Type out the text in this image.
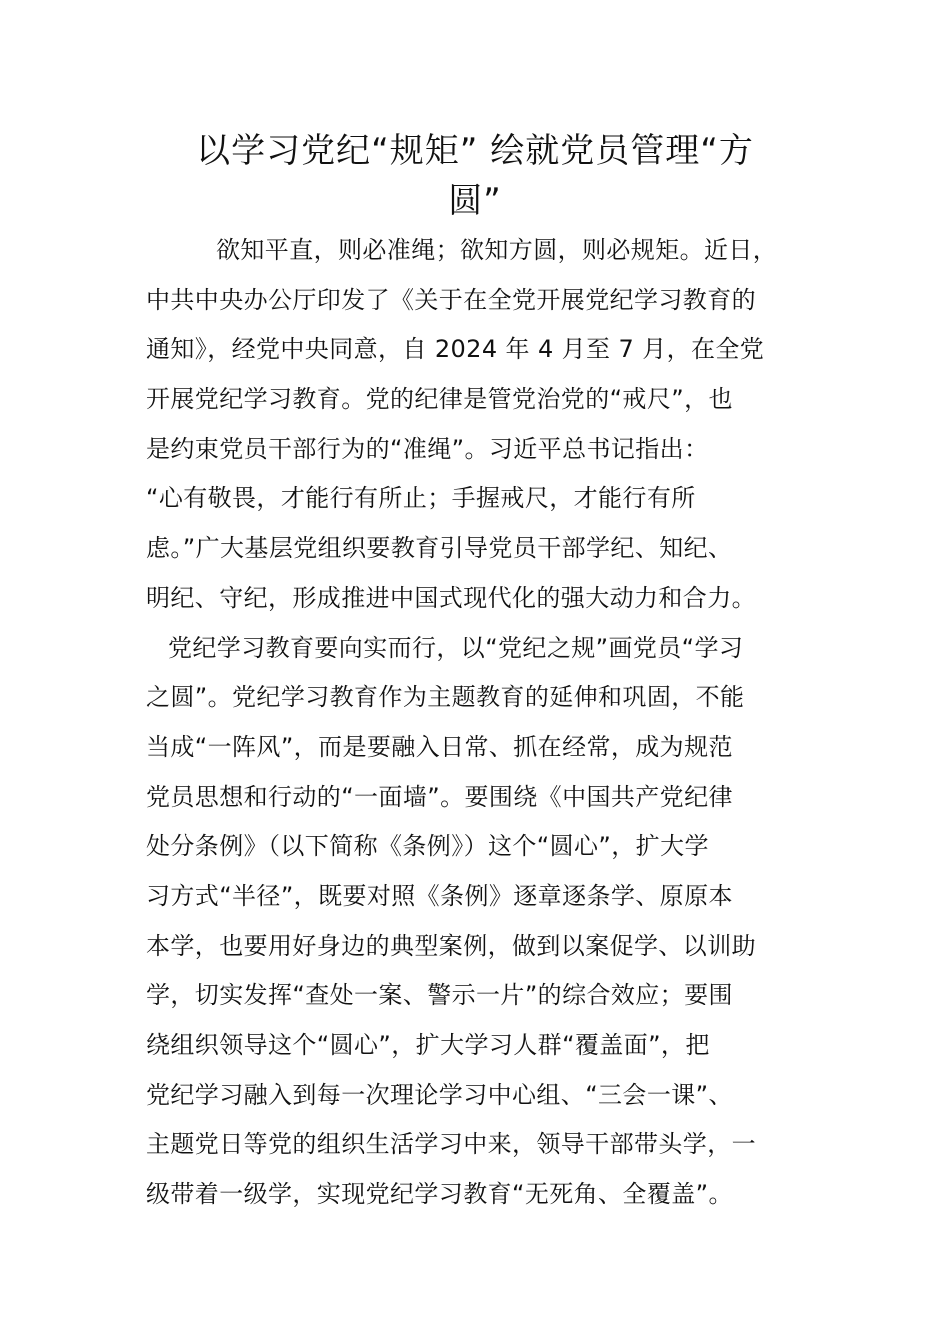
以学习党纪“规矩” 绘就党员管理“方
圆”
欲知平直，则必准绳；欲知方圆，则必规矩。近日，
中共中央办公厅印发了《关于在全党开展党纪学习教育的
通知》，经党中央同意，自 2024 年 4 月至 7 月，在全党
开展党纪学习教育。党的纪律是管党治党的“戒尺”，也
是约束党员干部行为的“准绳”。习近平总书记指出：
“心有敬畏，才能行有所止；手握戒尺，才能行有所
虑。”广大基层党组织要教育引导党员干部学纪、知纪、
明纪、守纪，形成推进中国式现代化的强大动力和合力。
党纪学习教育要向实而行，以“党纪之规”画党员“学习
之圆”。党纪学习教育作为主题教育的延伸和巩固，不能
当成“一阵风”，而是要融入日常、抓在经常，成为规范
党员思想和行动的“一面墙”。要围绕《中国共产党纪律
处分条例》（以下简称《条例》）这个“圆心”，扩大学
习方式“半径”，既要对照《条例》逐章逐条学、原原本
本学，也要用好身边的典型案例，做到以案促学、以训助
学，切实发挥“查处一案、警示一片”的综合效应；要围
绕组织领导这个“圆心”，扩大学习人群“覆盖面”，把
党纪学习融入到每一次理论学习中心组、“三会一课”、
主题党日等党的组织生活学习中来，领导干部带头学，一
级带着一级学，实现党纪学习教育“无死角、全覆盖”。
